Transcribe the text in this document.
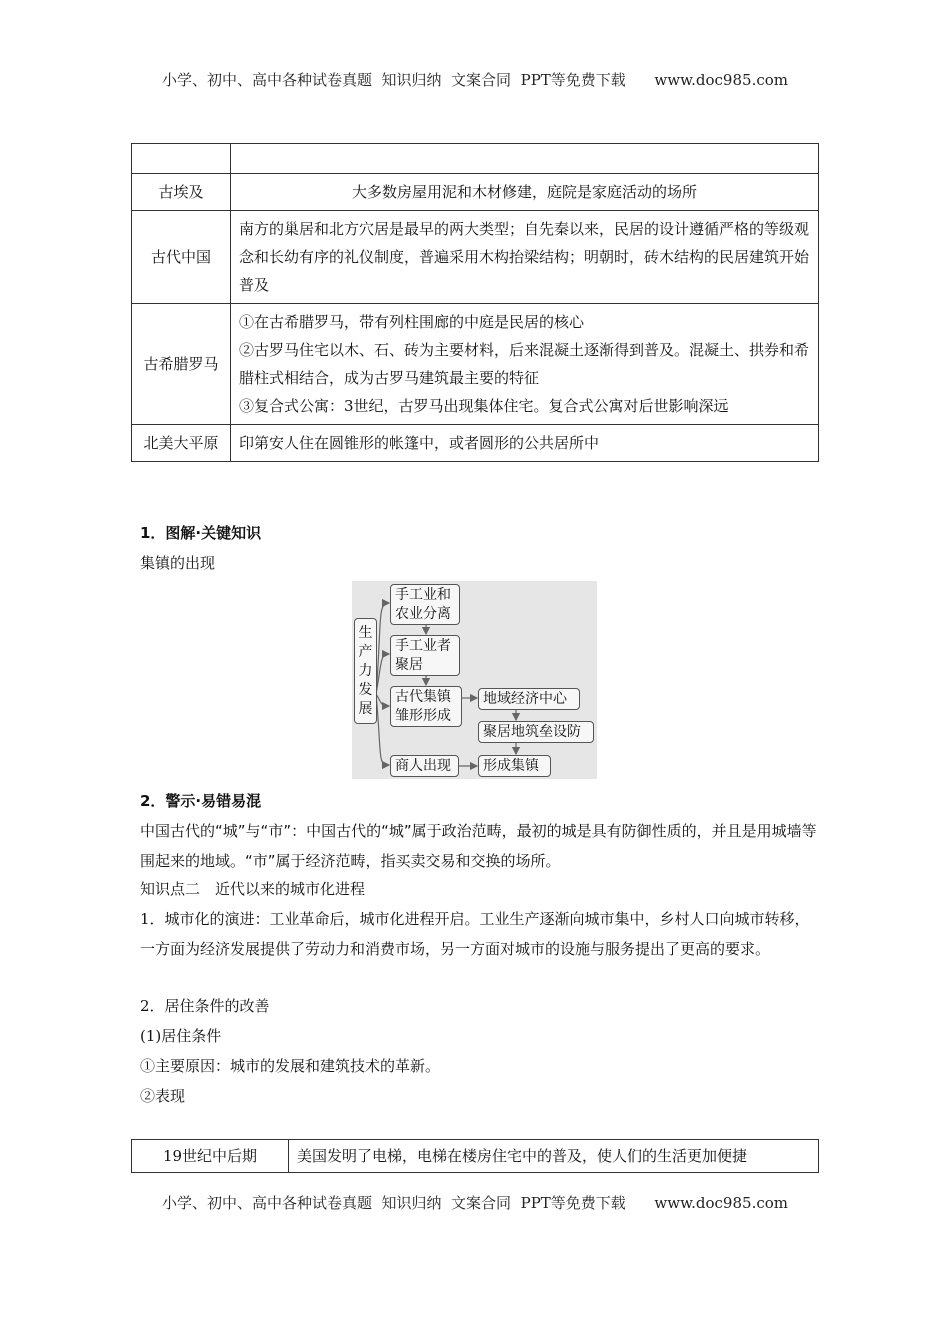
小学、初中、高中各种试卷真题  知识归纳  文案合同  PPT等免费下载      www.doc985.com

古埃及	大多数房屋用泥和木材修建，庭院是家庭活动的场所
古代中国	南方的巢居和北方穴居是最早的两大类型；自先秦以来，民居的设计遵循严格的等级观念和长幼有序的礼仪制度，普遍采用木构抬梁结构；明朝时，砖木结构的民居建筑开始普及
古希腊罗马	①在古希腊罗马，带有列柱围廊的中庭是民居的核心
②古罗马住宅以木、石、砖为主要材料，后来混凝土逐渐得到普及。混凝土、拱券和希腊柱式相结合，成为古罗马建筑最主要的特征
③复合式公寓：3世纪，古罗马出现集体住宅。复合式公寓对后世影响深远

北美大平原	印第安人住在圆锥形的帐篷中，或者圆形的公共居所中
1．图解·关键知识
集镇的出现
生产力发展
手工业和农业分离
手工业者聚居
古代集镇雏形形成
商人出现
地域经济中心
聚居地筑垒设防
形成集镇
2．警示·易错易混
中国古代的“城”与“市”：中国古代的“城”属于政治范畴，最初的城是具有防御性质的，并且是用城墙等围起来的地域。“市”属于经济范畴，指买卖交易和交换的场所。
知识点二　近代以来的城市化进程
1．城市化的演进：工业革命后，城市化进程开启。工业生产逐渐向城市集中，乡村人口向城市转移，一方面为经济发展提供了劳动力和消费市场，另一方面对城市的设施与服务提出了更高的要求。
2．居住条件的改善
(1)居住条件
①主要原因：城市的发展和建筑技术的革新。
②表现
19世纪中后期	美国发明了电梯，电梯在楼房住宅中的普及，使人们的生活更加便捷
小学、初中、高中各种试卷真题  知识归纳  文案合同  PPT等免费下载      www.doc985.com
